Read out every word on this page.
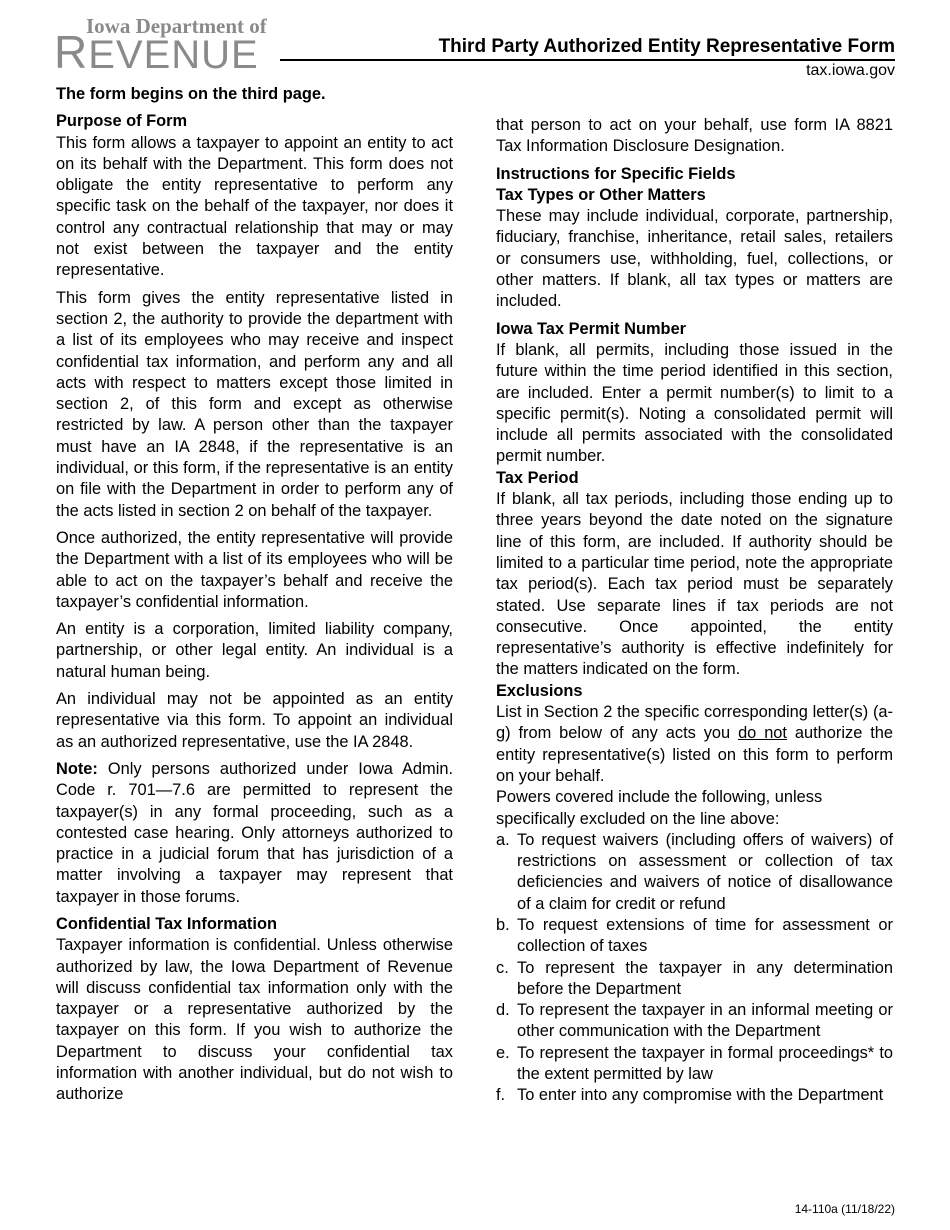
Iowa Department of
REVENUE	Third Party Authorized Entity Representative Form
tax.iowa.gov

The form begins on the third page.

Purpose of Form

This form allows a taxpayer to appoint an entity to act on its behalf with the Department. This form does not obligate the entity representative to perform any specific task on the behalf of the taxpayer, nor does it control any contractual relationship that may or may not exist between the taxpayer and the entity representative.

This form gives the entity representative listed in section 2, the authority to provide the department with a list of its employees who may receive and inspect confidential tax information, and perform any and all acts with respect to matters except those limited in section 2, of this form and except as otherwise restricted by law. A person other than the taxpayer must have an IA 2848, if the representative is an individual, or this form, if the representative is an entity on file with the Department in order to perform any of the acts listed in section 2 on behalf of the taxpayer.

Once authorized, the entity representative will provide the Department with a list of its employees who will be able to act on the taxpayer’s behalf and receive the taxpayer’s confidential information.

An entity is a corporation, limited liability company, partnership, or other legal entity. An individual is a natural human being.

An individual may not be appointed as an entity representative via this form. To appoint an individual as an authorized representative, use the IA 2848.

Note: Only persons authorized under Iowa Admin. Code r. 701—7.6 are permitted to represent the taxpayer(s) in any formal proceeding, such as a contested case hearing. Only attorneys authorized to practice in a judicial forum that has jurisdiction of a matter involving a taxpayer may represent that taxpayer in those forums.

Confidential Tax Information

Taxpayer information is confidential. Unless otherwise authorized by law, the Iowa Department of Revenue will discuss confidential tax information only with the taxpayer or a representative authorized by the taxpayer on this form. If you wish to authorize the Department to discuss your confidential tax information with another individual, but do not wish to authorize

that person to act on your behalf, use form IA 8821 Tax Information Disclosure Designation.

Instructions for Specific Fields

Tax Types or Other Matters

These may include individual, corporate, partnership, fiduciary, franchise, inheritance, retail sales, retailers or consumers use, withholding, fuel, collections, or other matters. If blank, all tax types or matters are included.

Iowa Tax Permit Number

If blank, all permits, including those issued in the future within the time period identified in this section, are included. Enter a permit number(s) to limit to a specific permit(s). Noting a consolidated permit will include all permits associated with the consolidated permit number.

Tax Period

If blank, all tax periods, including those ending up to three years beyond the date noted on the signature line of this form, are included. If authority should be limited to a particular time period, note the appropriate tax period(s). Each tax period must be separately stated. Use separate lines if tax periods are not consecutive. Once appointed, the entity representative’s authority is effective indefinitely for the matters indicated on the form.

Exclusions

List in Section 2 the specific corresponding letter(s) (a-g) from below of any acts you do not authorize the entity representative(s) listed on this form to perform on your behalf.

Powers covered include the following, unless specifically excluded on the line above:

a. To request waivers (including offers of waivers) of restrictions on assessment or collection of tax deficiencies and waivers of notice of disallowance of a claim for credit or refund
b. To request extensions of time for assessment or collection of taxes
c. To represent the taxpayer in any determination before the Department
d. To represent the taxpayer in an informal meeting or other communication with the Department
e. To represent the taxpayer in formal proceedings* to the extent permitted by law
f. To enter into any compromise with the Department
14-110a (11/18/22)
